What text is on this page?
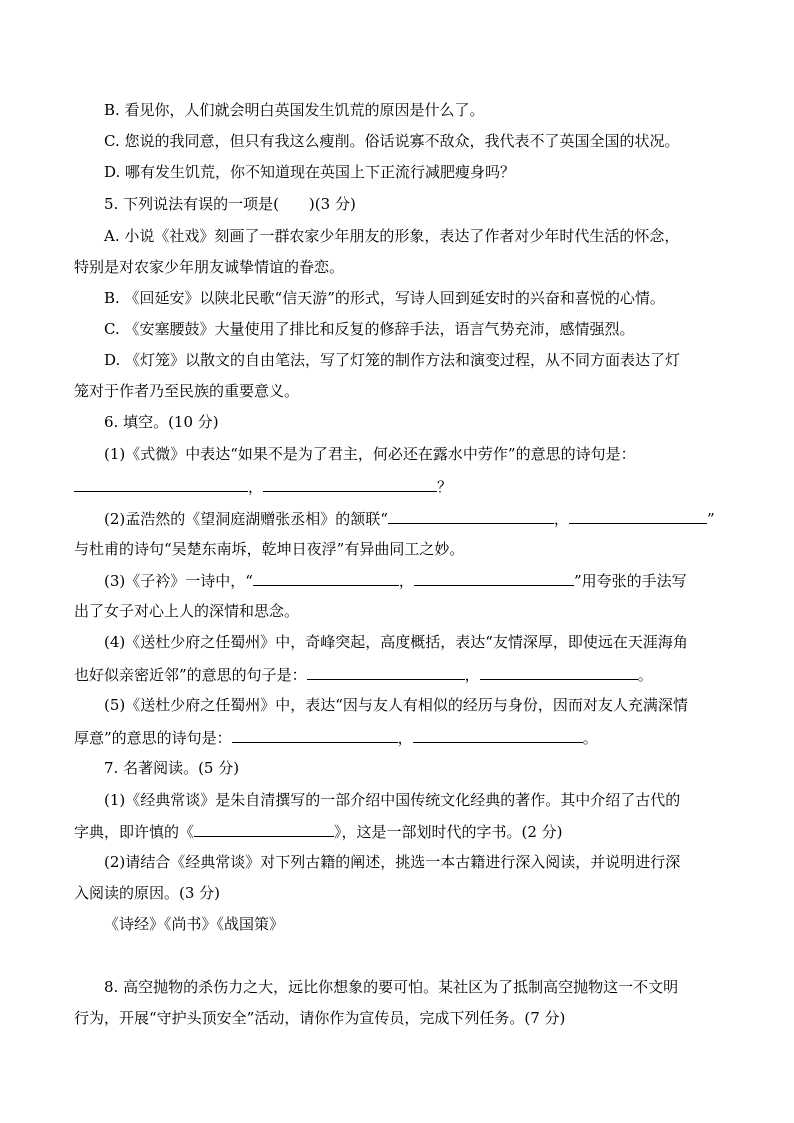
B. 看见你，人们就会明白英国发生饥荒的原因是什么了。
C. 您说的我同意，但只有我这么瘦削。俗话说寡不敌众，我代表不了英国全国的状况。
D. 哪有发生饥荒，你不知道现在英国上下正流行减肥瘦身吗？
5. 下列说法有误的一项是(　　)(3 分)
A. 小说《社戏》刻画了一群农家少年朋友的形象，表达了作者对少年时代生活的怀念，
特别是对农家少年朋友诚挚情谊的眷恋。
B. 《回延安》以陕北民歌“信天游”的形式，写诗人回到延安时的兴奋和喜悦的心情。
C. 《安塞腰鼓》大量使用了排比和反复的修辞手法，语言气势充沛，感情强烈。
D. 《灯笼》以散文的自由笔法，写了灯笼的制作方法和演变过程，从不同方面表达了灯
笼对于作者乃至民族的重要意义。
6. 填空。(10 分)
(1)《式微》中表达“如果不是为了君主，何必还在露水中劳作”的意思的诗句是：
，	？
(2)孟浩然的《望洞庭湖赠张丞相》的颔联“	，	”
与杜甫的诗句“吴楚东南坼，乾坤日夜浮”有异曲同工之妙。
(3)《子衿》一诗中，“	，	”用夸张的手法写
出了女子对心上人的深情和思念。
(4)《送杜少府之任蜀州》中，奇峰突起，高度概括，表达“友情深厚，即使远在天涯海角
也好似亲密近邻”的意思的句子是：	，	。
(5)《送杜少府之任蜀州》中，表达“因与友人有相似的经历与身份，因而对友人充满深情
厚意”的意思的诗句是：	，	。
7. 名著阅读。(5 分)
(1)《经典常谈》是朱自清撰写的一部介绍中国传统文化经典的著作。其中介绍了古代的
字典，即许慎的《	》，这是一部划时代的字书。(2 分)
(2)请结合《经典常谈》对下列古籍的阐述，挑选一本古籍进行深入阅读，并说明进行深
入阅读的原因。(3 分)
《诗经》《尚书》《战国策》
8. 高空抛物的杀伤力之大，远比你想象的要可怕。某社区为了抵制高空抛物这一不文明
行为，开展“守护头顶安全”活动，请你作为宣传员，完成下列任务。(7 分)
